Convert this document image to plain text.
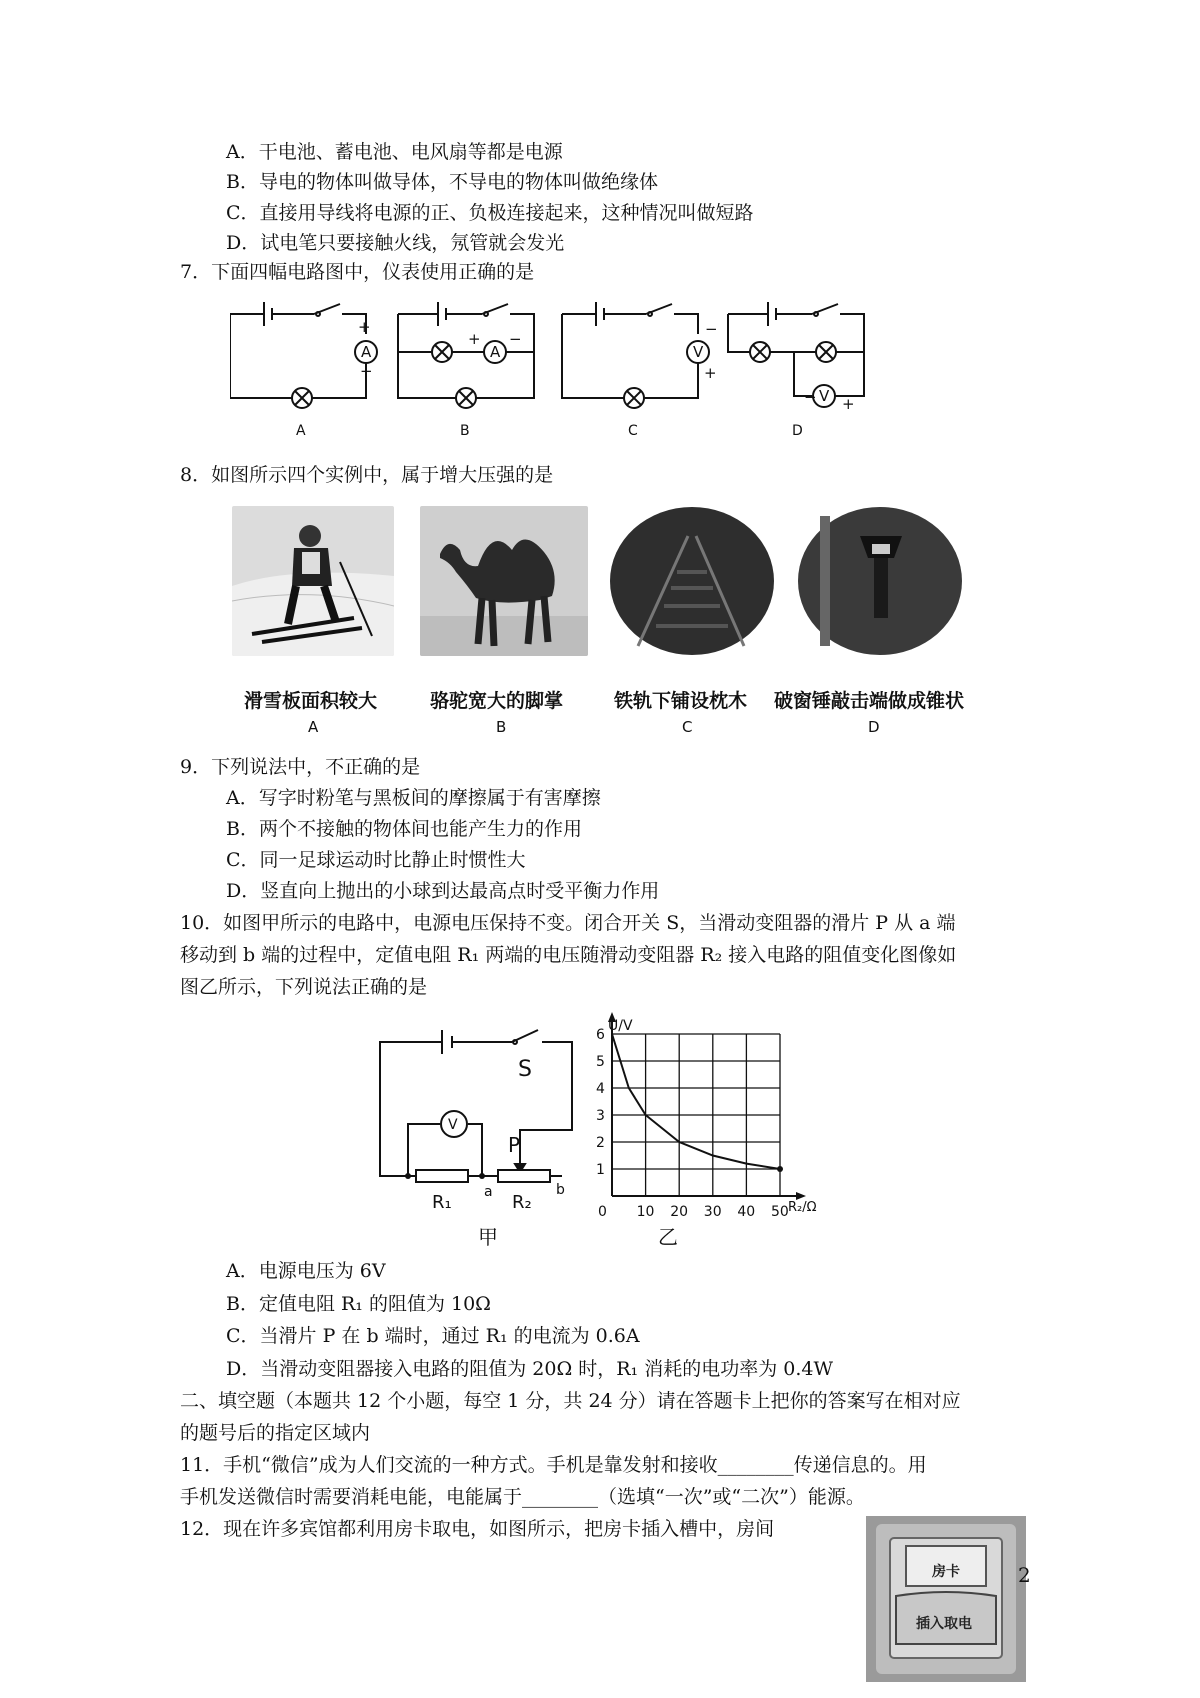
A．干电池、蓄电池、电风扇等都是电源
B．导电的物体叫做导体，不导电的物体叫做绝缘体
C．直接用导线将电源的正、负极连接起来，这种情况叫做短路
D．试电笔只要接触火线，氖管就会发光
7．下面四幅电路图中，仪表使用正确的是
A
+
−
A
+ −
V
−
+
V
− +
A	B	C	D
8．如图所示四个实例中，属于增大压强的是
滑雪板面积较大	骆驼宽大的脚掌	铁轨下铺设枕木 破窗锤敲击端做成锥状
A	B	C	D
9．下列说法中，不正确的是
A．写字时粉笔与黑板间的摩擦属于有害摩擦
B．两个不接触的物体间也能产生力的作用
C．同一足球运动时比静止时惯性大
D．竖直向上抛出的小球到达最高点时受平衡力作用
10．如图甲所示的电路中，电源电压保持不变。闭合开关 S，当滑动变阻器的滑片 P 从 a 端
移动到 b 端的过程中，定值电阻 R₁ 两端的电压随滑动变阻器 R₂ 接入电路的阻值变化图像如
图乙所示，下列说法正确的是
V
S
P
R₁	R₂
a	b
甲
0 10 20 30 40 50
1
2
3
4
5
6
U/V
R₂/Ω
乙
A．电源电压为 6V
B．定值电阻 R₁ 的阻值为 10Ω
C．当滑片 P 在 b 端时，通过 R₁ 的电流为 0.6A
D．当滑动变阻器接入电路的阻值为 20Ω 时，R₁ 消耗的电功率为 0.4W
二、填空题（本题共 12 个小题，每空 1 分，共 24 分）请在答题卡上把你的答案写在相对应
的题号后的指定区域内
11．手机“微信”成为人们交流的一种方式。手机是靠发射和接收________传递信息的。用
手机发送微信时需要消耗电能，电能属于________（选填“一次”或“二次”）能源。
12．现在许多宾馆都利用房卡取电，如图所示，把房卡插入槽中，房间
房卡
插入取电
2
